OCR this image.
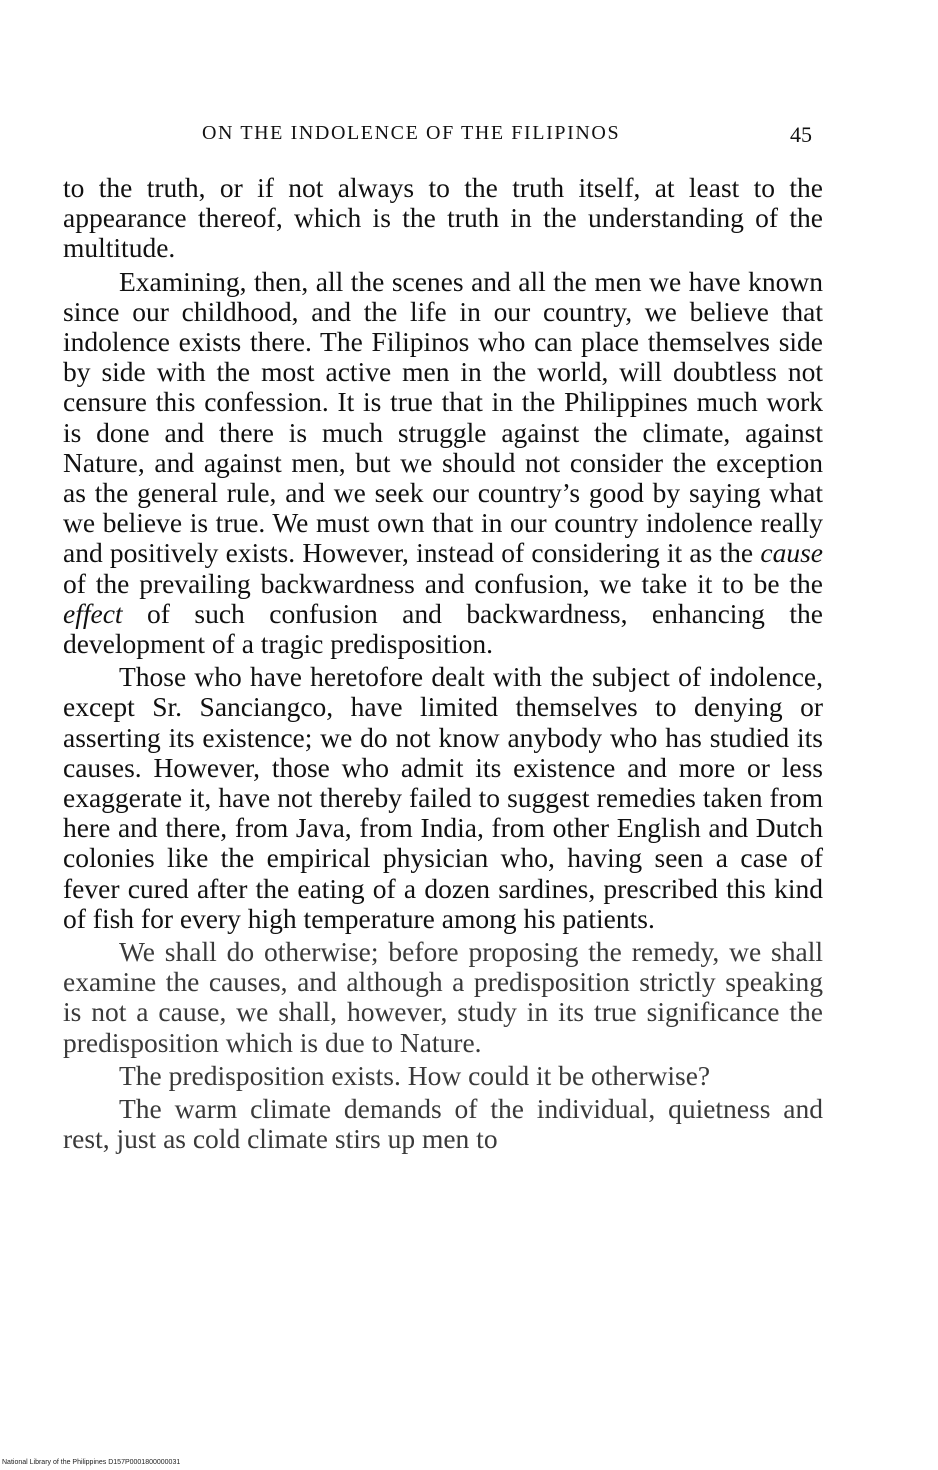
ON THE INDOLENCE OF THE FILIPINOS	45

to the truth, or if not always to the truth itself, at least to the appearance thereof, which is the truth in the understanding of the multitude.

Examining, then, all the scenes and all the men we have known since our childhood, and the life in our country, we believe that indolence exists there. The Filipinos who can place themselves side by side with the most active men in the world, will doubtless not censure this confession. It is true that in the Philippines much work is done and there is much struggle against the climate, against Nature, and against men, but we should not consider the exception as the general rule, and we seek our country’s good by saying what we believe is true. We must own that in our country indolence really and positively exists. However, instead of considering it as the cause of the prevailing backwardness and confusion, we take it to be the effect of such confusion and backwardness, enhancing the development of a tragic predisposition.

Those who have heretofore dealt with the subject of indolence, except Sr. Sanciangco, have limited themselves to denying or asserting its existence; we do not know anybody who has studied its causes. However, those who admit its existence and more or less exaggerate it, have not thereby failed to suggest remedies taken from here and there, from Java, from India, from other English and Dutch colonies like the empirical physician who, having seen a case of fever cured after the eating of a dozen sardines, prescribed this kind of fish for every high temperature among his patients.

We shall do otherwise; before proposing the remedy, we shall examine the causes, and although a predisposition strictly speaking is not a cause, we shall, however, study in its true significance the predisposition which is due to Nature.

The predisposition exists. How could it be otherwise?

The warm climate demands of the individual, quietness and rest, just as cold climate stirs up men to

National Library of the Philippines D157P0001800000031
